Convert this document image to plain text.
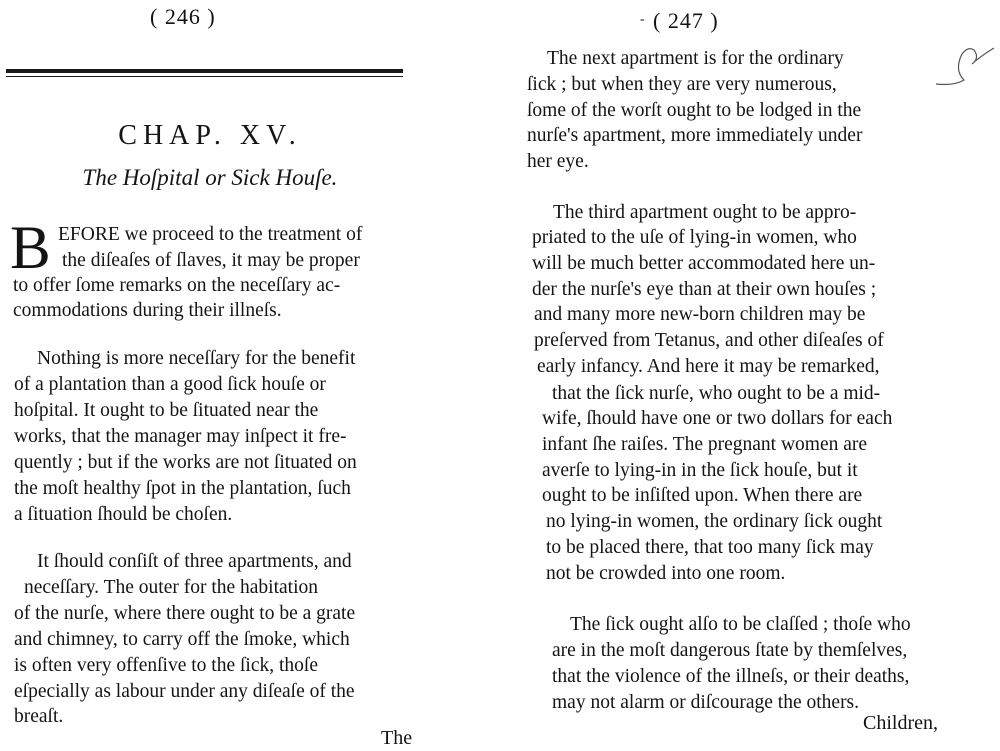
( 246 )
CHAP. XV.
The Hoſpital or Sick Houſe.
B EFORE we proceed to the treatment of
the diſeaſes of ſlaves, it may be proper
to offer ſome remarks on the neceſſary ac-
commodations during their illneſs.
Nothing is more neceſſary for the benefit
of a plantation than a good ſick houſe or
hoſpital. It ought to be ſituated near the
works, that the manager may inſpect it fre-
quently ; but if the works are not ſituated on
the moſt healthy ſpot in the plantation, ſuch
a ſituation ſhould be choſen.
It ſhould conſiſt of three apartments, and
neceſſary. The outer for the habitation
of the nurſe, where there ought to be a grate
and chimney, to carry off the ſmoke, which
is often very offenſive to the ſick, thoſe
eſpecially as labour under any diſeaſe of the
breaſt.
The
- ( 247 )
The next apartment is for the ordinary
ſick ; but when they are very numerous,
ſome of the worſt ought to be lodged in the
nurſe's apartment, more immediately under
her eye.
The third apartment ought to be appro-
priated to the uſe of lying-in women, who
will be much better accommodated here un-
der the nurſe's eye than at their own houſes ;
and many more new-born children may be
preſerved from Tetanus, and other diſeaſes of
early infancy. And here it may be remarked,
that the ſick nurſe, who ought to be a mid-
wife, ſhould have one or two dollars for each
infant ſhe raiſes. The pregnant women are
averſe to lying-in in the ſick houſe, but it
ought to be inſiſted upon. When there are
no lying-in women, the ordinary ſick ought
to be placed there, that too many ſick may
not be crowded into one room.
The ſick ought alſo to be claſſed ; thoſe who
are in the moſt dangerous ſtate by themſelves,
that the violence of the illneſs, or their deaths,
may not alarm or diſcourage the others.
Children,
